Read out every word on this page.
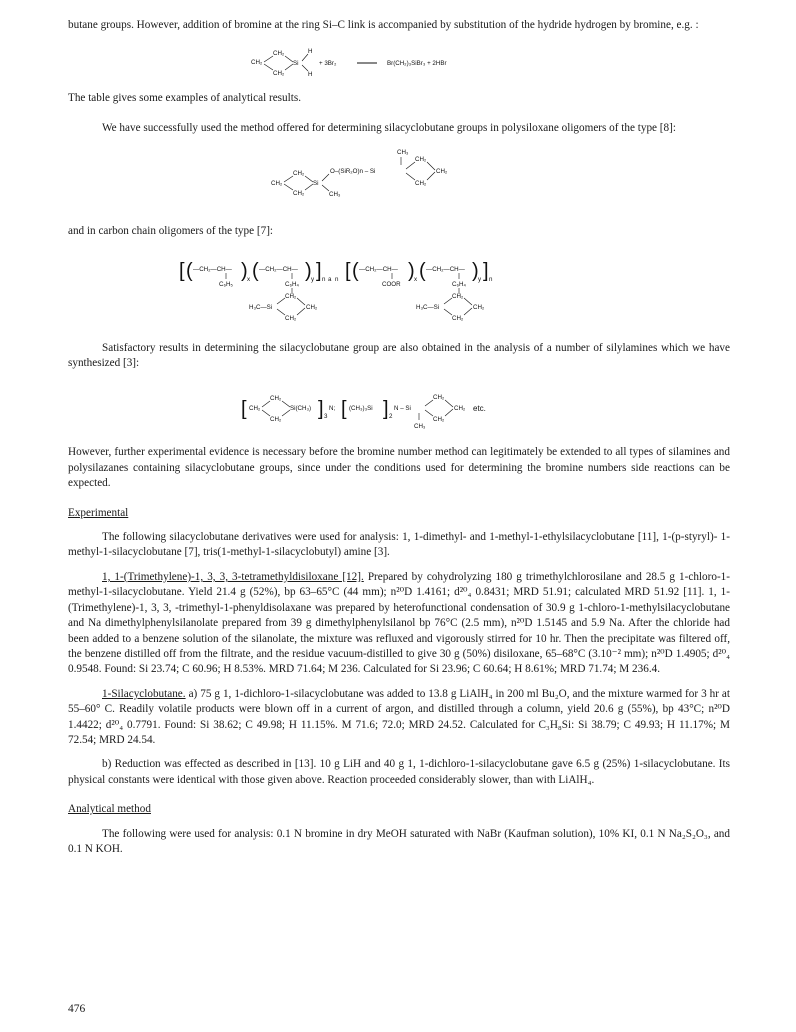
butane groups. However, addition of bromine at the ring Si–C link is accompanied by substitution of the hydride hydrogen by bromine, e.g. :

CH₂
CH₂
CH₂
Si
H
H
+ 3Br₂	Br(CH₂)₃SiBr₃ + 2HBr

The table gives some examples of analytical results.

We have successfully used the method offered for determining silacyclobutane groups in polysiloxane oligomers of the type [8]:

CH₂
CH₂
CH₂
Si
CH₃
O–(SiR₂O)n – Si
CH₃
CH₂
CH₂
CH₂

and in carbon chain oligomers of the type [7]:

[ ( —CH₂—CH—
C₆H₅
) x ( —CH₂—CH—
C₆H₄
) y ] n a n
H₃C—Si
CH₂
CH₂
CH₂
[ ( —CH₂—CH—
COOR
) x ( —CH₂—CH—
C₆H₄
) y ] n
H₃C—Si
CH₂
CH₂
CH₂

Satisfactory results in determining the silacyclobutane group are also obtained in the analysis of a number of silylamines which we have synthesized [3]:

[ CH₂
CH₂
CH₂
Si(CH₃) ] 3
N; [ (CH₃)₃Si ] 2
N – Si
CH₃
CH₂
CH₂
CH₂ etc.

However, further experimental evidence is necessary before the bromine number method can legitimately be extended to all types of silamines and polysilazanes containing silacyclobutane groups, since under the conditions used for determining the bromine numbers side reactions can be expected.

Experimental

The following silacyclobutane derivatives were used for analysis: 1, 1-dimethyl- and 1-methyl-1-ethylsilacyclobutane [11], 1-(p-styryl)- 1-methyl-1-silacyclobutane [7], tris(1-methyl-1-silacyclobutyl) amine [3].

1, 1-(Trimethylene)-1, 3, 3, 3-tetramethyldisiloxane [12]. Prepared by cohydrolyzing 180 g trimethylchlorosilane and 28.5 g 1-chloro-1-methyl-1-silacyclobutane. Yield 21.4 g (52%), bp 63–65°C (44 mm); n²⁰D 1.4161; d²⁰₄ 0.8431; MRD 51.91; calculated MRD 51.92 [11]. 1, 1-(Trimethylene)-1, 3, 3, -trimethyl-1-phenyldisolaxane was prepared by heterofunctional condensation of 30.9 g 1-chloro-1-methylsilacyclobutane and Na dimethylphenylsilanolate prepared from 39 g dimethylphenylsilanol bp 76°C (2.5 mm), n²⁰D 1.5145 and 5.9 Na. After the chloride had been added to a benzene solution of the silanolate, the mixture was refluxed and vigorously stirred for 10 hr. Then the precipitate was filtered off, the benzene distilled off from the filtrate, and the residue vacuum-distilled to give 30 g (50%) disiloxane, 65–68°C (3.10⁻² mm); n²⁰D 1.4905; d²⁰₄ 0.9548. Found: Si 23.74; C 60.96; H 8.53%. MRD 71.64; M 236. Calculated for Si 23.96; C 60.64; H 8.61%; MRD 71.74; M 236.4.

1-Silacyclobutane. a) 75 g 1, 1-dichloro-1-silacyclobutane was added to 13.8 g LiAlH₄ in 200 ml Bu₂O, and the mixture warmed for 3 hr at 55–60° C. Readily volatile products were blown off in a current of argon, and distilled through a column, yield 20.6 g (55%), bp 43°C; n²⁰D 1.4422; d²⁰₄ 0.7791. Found: Si 38.62; C 49.98; H 11.15%. M 71.6; 72.0; MRD 24.52. Calculated for C₃H₈Si: Si 38.79; C 49.93; H 11.17%; M 72.54; MRD 24.54.

b) Reduction was effected as described in [13]. 10 g LiH and 40 g 1, 1-dichloro-1-silacyclobutane gave 6.5 g (25%) 1-silacyclobutane. Its physical constants were identical with those given above. Reaction proceeded considerably slower, than with LiAlH₄.

Analytical method

The following were used for analysis: 0.1 N bromine in dry MeOH saturated with NaBr (Kaufman solution), 10% KI, 0.1 N Na₂S₂O₃, and 0.1 N KOH.

476
